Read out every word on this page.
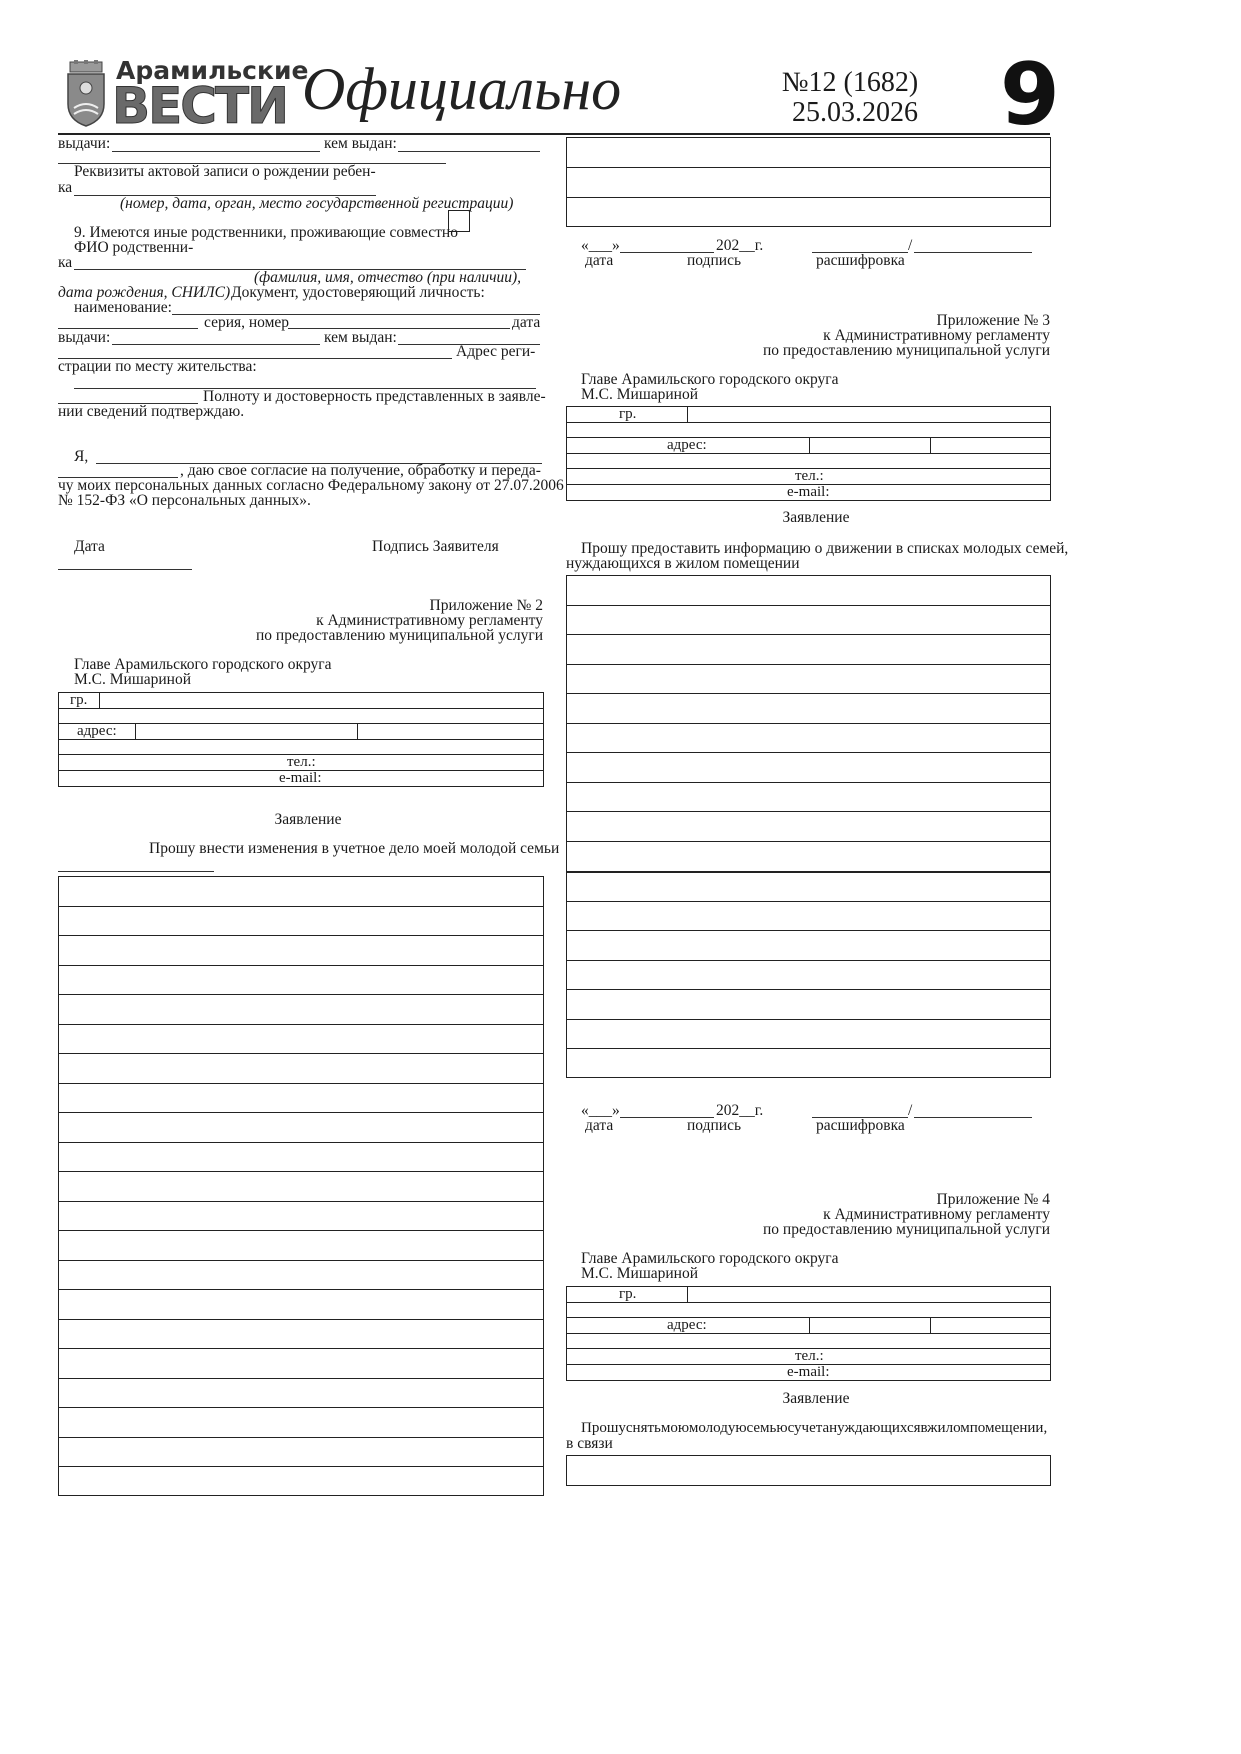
Арамильские
ВЕСТИ Официально	№12 (1682)
25.03.2026 9
выдачи:	кем выдан:
Реквизиты актовой записи о рождении ребен-
ка
(номер, дата, орган, место государственной регистрации)
9. Имеются иные родственники, проживающие совместно
ФИО родственни-
ка
(фамилия, имя, отчество (при наличии),
дата рождения, СНИЛС) Документ, удостоверяющий личность:
наименование:
серия, номер	дата
выдачи:	кем выдан:
Адрес реги-
страции по месту жительства:
Полноту и достоверность представленных в заявле-
нии сведений подтверждаю.
Я,
, даю свое согласие на получение, обработку и переда-
чу моих персональных данных согласно Федеральному закону от 27.07.2006
№ 152-ФЗ «О персональных данных».
Дата	Подпись Заявителя
Приложение № 2
к Административному регламенту
по предоставлению муниципальной услуги
Главе Арамильского городского округа
М.С. Мишариной
гр.
адрес:
тел.:
e-mail:
Заявление
Прошу внести изменения в учетное дело моей молодой семьи
«___»	202__г.	/
дата	подпись	расшифровка
Приложение № 3
к Административному регламенту
по предоставлению муниципальной услуги
Главе Арамильского городского округа
М.С. Мишариной
гр.
адрес:
тел.:
e-mail:
Заявление
Прошу предоставить информацию о движении в списках молодых семей,
нуждающихся в жилом помещении
«___»	202__г.	/
дата	подпись	расшифровка
Приложение № 4
к Административному регламенту
по предоставлению муниципальной услуги
Главе Арамильского городского округа
М.С. Мишариной
гр.
адрес:
тел.:
e-mail:
Заявление
Прошуснятьмоюмолодуюсемьюсучетануждающихсявжиломпомещении,
в связи
